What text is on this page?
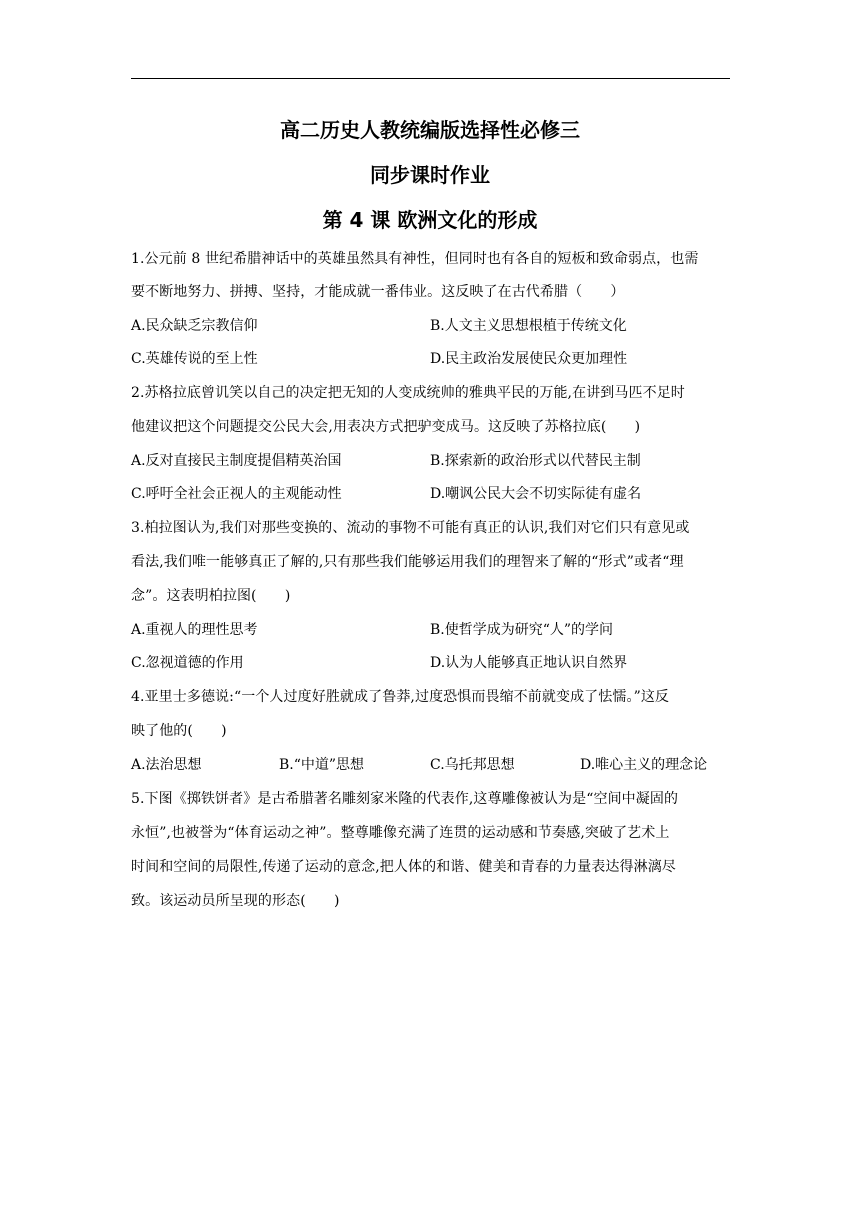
高二历史人教统编版选择性必修三
同步课时作业
第 4 课 欧洲文化的形成
1.公元前 8 世纪希腊神话中的英雄虽然具有神性，但同时也有各自的短板和致命弱点，也需
要不断地努力、拼搏、坚持，才能成就一番伟业。这反映了在古代希腊（　　）
A.民众缺乏宗教信仰	B.人文主义思想根植于传统文化
C.英雄传说的至上性	D.民主政治发展使民众更加理性
2.苏格拉底曾讥笑以自己的决定把无知的人变成统帅的雅典平民的万能,在讲到马匹不足时
他建议把这个问题提交公民大会,用表决方式把驴变成马。这反映了苏格拉底(　　)
A.反对直接民主制度提倡精英治国	B.探索新的政治形式以代替民主制
C.呼吁全社会正视人的主观能动性	D.嘲讽公民大会不切实际徒有虚名
3.柏拉图认为,我们对那些变换的、流动的事物不可能有真正的认识,我们对它们只有意见或
看法,我们唯一能够真正了解的,只有那些我们能够运用我们的理智来了解的“形式”或者“理
念”。这表明柏拉图(　　)
A.重视人的理性思考	B.使哲学成为研究“人”的学问
C.忽视道德的作用	D.认为人能够真正地认识自然界
4.亚里士多德说:“一个人过度好胜就成了鲁莽,过度恐惧而畏缩不前就变成了怯懦。”这反
映了他的(　　)
A.法治思想	B.“中道”思想	C.乌托邦思想	D.唯心主义的理念论
5.下图《掷铁饼者》是古希腊著名雕刻家米隆的代表作,这尊雕像被认为是“空间中凝固的
永恒”,也被誉为“体育运动之神”。整尊雕像充满了连贯的运动感和节奏感,突破了艺术上
时间和空间的局限性,传递了运动的意念,把人体的和谐、健美和青春的力量表达得淋漓尽
致。该运动员所呈现的形态(　　)
